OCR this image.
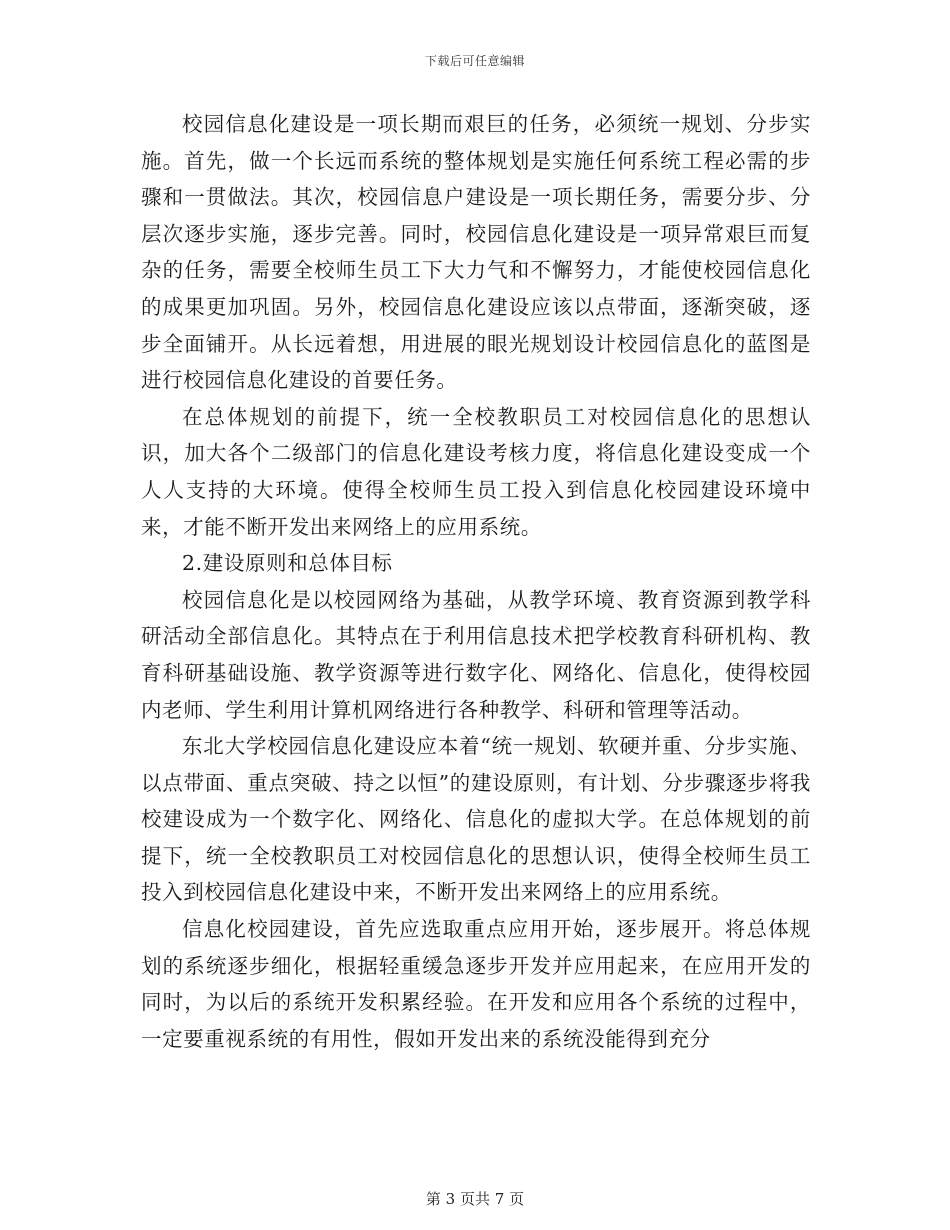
下载后可任意编辑

校园信息化建设是一项长期而艰巨的任务，必须统一规划、分步实施。首先，做一个长远而系统的整体规划是实施任何系统工程必需的步骤和一贯做法。其次，校园信息户建设是一项长期任务，需要分步、分层次逐步实施，逐步完善。同时，校园信息化建设是一项异常艰巨而复杂的任务，需要全校师生员工下大力气和不懈努力，才能使校园信息化的成果更加巩固。另外，校园信息化建设应该以点带面，逐渐突破，逐步全面铺开。从长远着想，用进展的眼光规划设计校园信息化的蓝图是进行校园信息化建设的首要任务。

在总体规划的前提下，统一全校教职员工对校园信息化的思想认识，加大各个二级部门的信息化建设考核力度，将信息化建设变成一个人人支持的大环境。使得全校师生员工投入到信息化校园建设环境中来，才能不断开发出来网络上的应用系统。

2.建设原则和总体目标

校园信息化是以校园网络为基础，从教学环境、教育资源到教学科研活动全部信息化。其特点在于利用信息技术把学校教育科研机构、教育科研基础设施、教学资源等进行数字化、网络化、信息化，使得校园内老师、学生利用计算机网络进行各种教学、科研和管理等活动。

东北大学校园信息化建设应本着“统一规划、软硬并重、分步实施、以点带面、重点突破、持之以恒”的建设原则，有计划、分步骤逐步将我校建设成为一个数字化、网络化、信息化的虚拟大学。在总体规划的前提下，统一全校教职员工对校园信息化的思想认识，使得全校师生员工投入到校园信息化建设中来，不断开发出来网络上的应用系统。

信息化校园建设，首先应选取重点应用开始，逐步展开。将总体规划的系统逐步细化，根据轻重缓急逐步开发并应用起来，在应用开发的同时，为以后的系统开发积累经验。在开发和应用各个系统的过程中，一定要重视系统的有用性，假如开发出来的系统没能得到充分

第 3 页共 7 页
